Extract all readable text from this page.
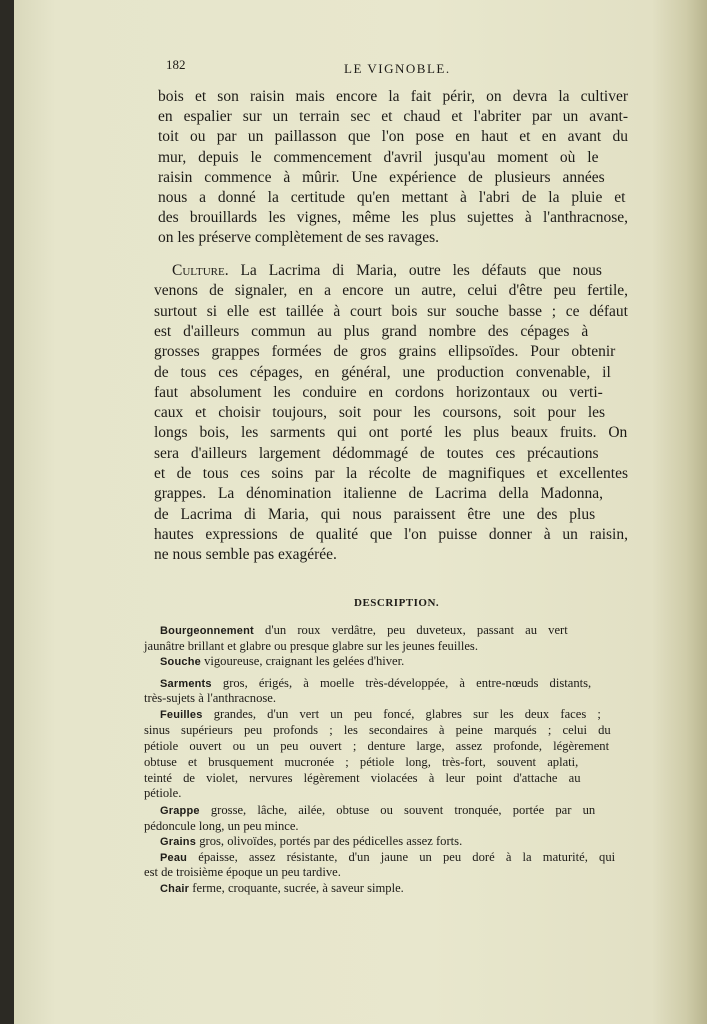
182	LE VIGNOBLE.
bois et son raisin mais encore la fait périr, on devra la cultiver
en espalier sur un terrain sec et chaud et l'abriter par un avant-
toit ou par un paillasson que l'on pose en haut et en avant du
mur, depuis le commencement d'avril jusqu'au moment où le
raisin commence à mûrir. Une expérience de plusieurs années
nous a donné la certitude qu'en mettant à l'abri de la pluie et
des brouillards les vignes, même les plus sujettes à l'anthracnose,
on les préserve complètement de ses ravages.
Culture. La Lacrima di Maria, outre les défauts que nous
venons de signaler, en a encore un autre, celui d'être peu fertile,
surtout si elle est taillée à court bois sur souche basse ; ce défaut
est d'ailleurs commun au plus grand nombre des cépages à
grosses grappes formées de gros grains ellipsoïdes. Pour obtenir
de tous ces cépages, en général, une production convenable, il
faut absolument les conduire en cordons horizontaux ou verti-
caux et choisir toujours, soit pour les coursons, soit pour les
longs bois, les sarments qui ont porté les plus beaux fruits. On
sera d'ailleurs largement dédommagé de toutes ces précautions
et de tous ces soins par la récolte de magnifiques et excellentes
grappes. La dénomination italienne de Lacrima della Madonna,
de Lacrima di Maria, qui nous paraissent être une des plus
hautes expressions de qualité que l'on puisse donner à un raisin,
ne nous semble pas exagérée.
DESCRIPTION.
Bourgeonnement d'un roux verdâtre, peu duveteux, passant au vert
jaunâtre brillant et glabre ou presque glabre sur les jeunes feuilles.
Souche vigoureuse, craignant les gelées d'hiver.
Sarments gros, érigés, à moelle très-développée, à entre-nœuds distants,
très-sujets à l'anthracnose.
Feuilles grandes, d'un vert un peu foncé, glabres sur les deux faces ;
sinus supérieurs peu profonds ; les secondaires à peine marqués ; celui du
pétiole ouvert ou un peu ouvert ; denture large, assez profonde, légèrement
obtuse et brusquement mucronée ; pétiole long, très-fort, souvent aplati,
teinté de violet, nervures légèrement violacées à leur point d'attache au
pétiole.
Grappe grosse, lâche, ailée, obtuse ou souvent tronquée, portée par un
pédoncule long, un peu mince.
Grains gros, olivoïdes, portés par des pédicelles assez forts.
Peau épaisse, assez résistante, d'un jaune un peu doré à la maturité, qui
est de troisième époque un peu tardive.
Chair ferme, croquante, sucrée, à saveur simple.
